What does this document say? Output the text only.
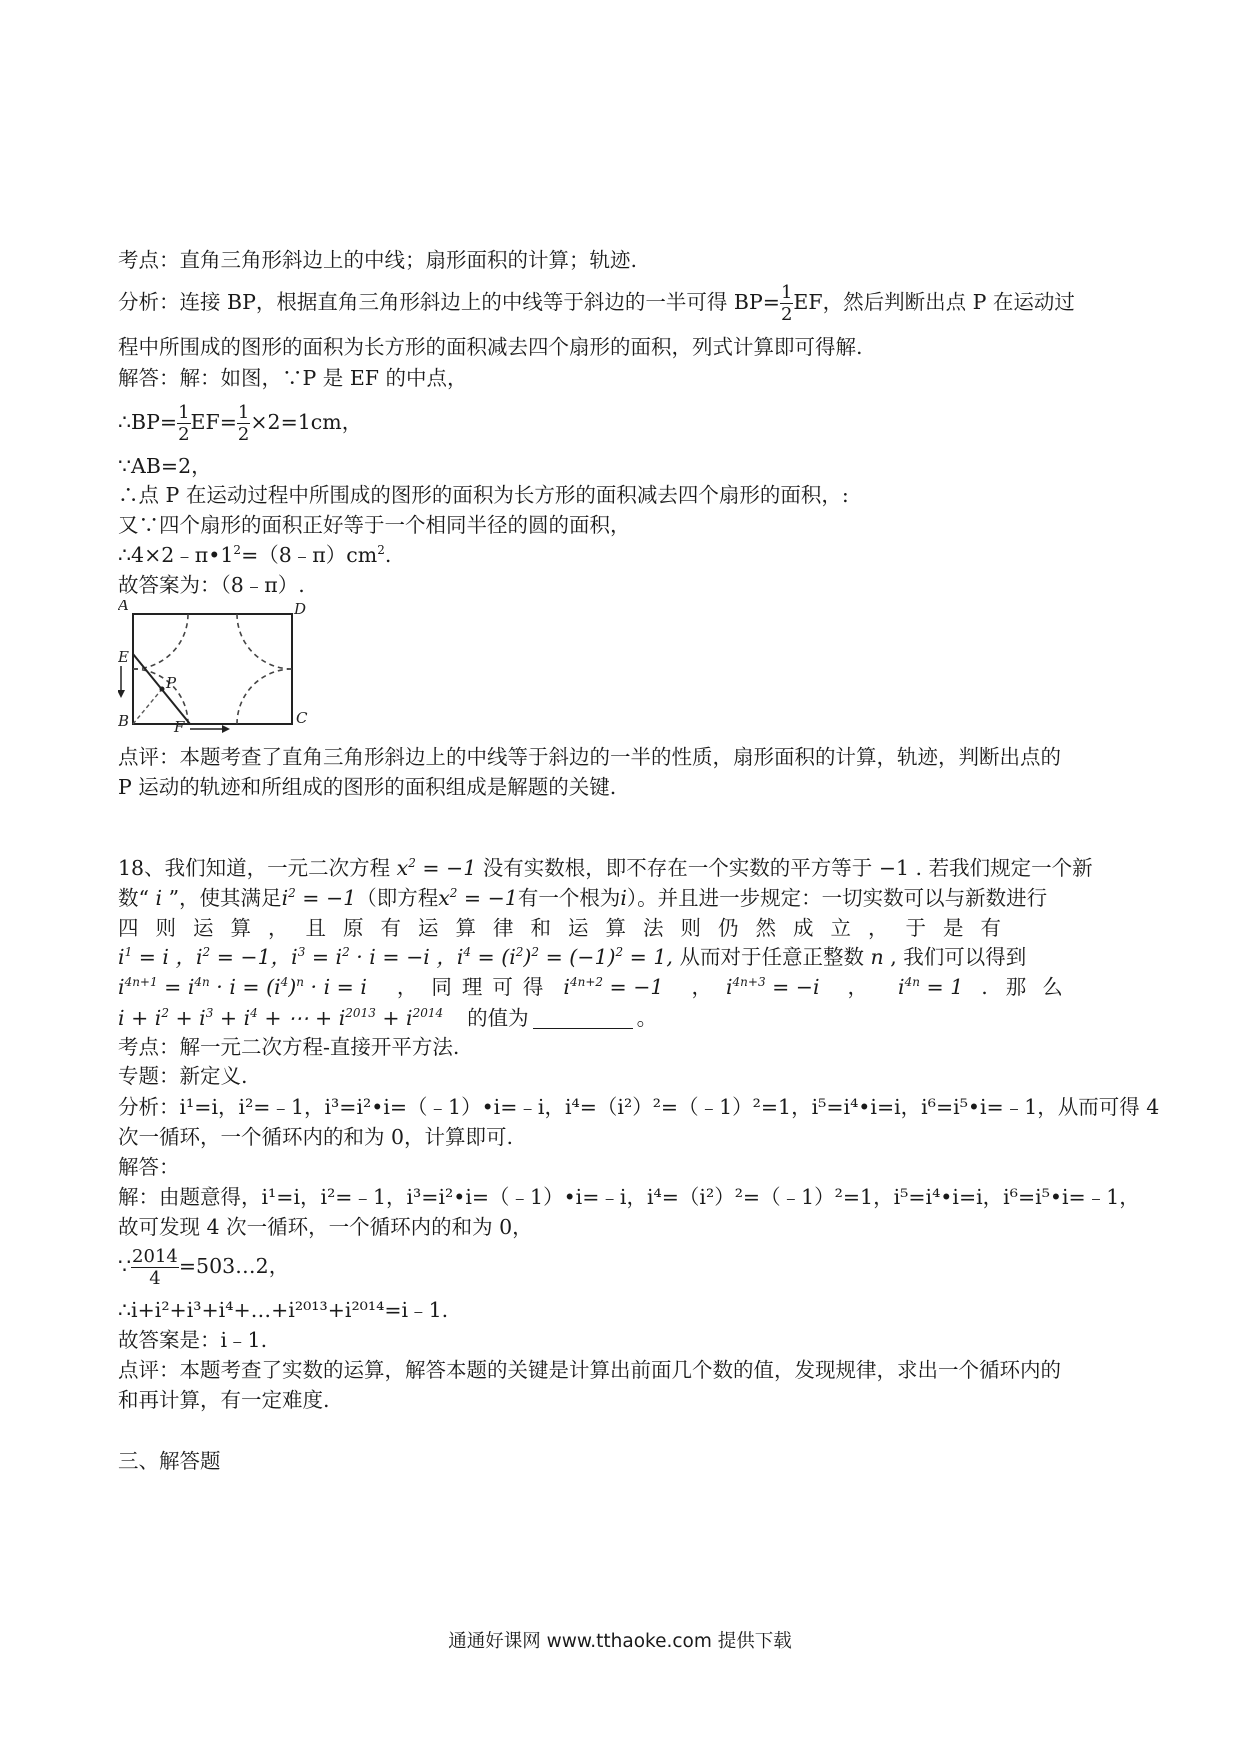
考点：直角三角形斜边上的中线；扇形面积的计算；轨迹.
分析：连接 BP，根据直角三角形斜边上的中线等于斜边的一半可得 $BP= \frac{1}{2}$ EF，然后判断出点 P 在运动过
程中所围成的图形的面积为长方形的面积减去四个扇形的面积，列式计算即可得解.
解答：解：如图，∵P 是 EF 的中点，
∴BP= $\frac{1}{2} EF= \frac{1}{2} \times 2=1cm$，
∵AB=2，
∴点 P 在运动过程中所围成的图形的面积为长方形的面积减去四个扇形的面积，:
又∵四个扇形的面积正好等于一个相同半径的圆的面积，
$\therefore 4\times 2﹣\pi•1^2=(8﹣\pi)cm^2$.
故答案为：（8﹣π）.
A	D
E
P
B	F	C
点评：本题考查了直角三角形斜边上的中线等于斜边的一半的性质，扇形面积的计算，轨迹，判断出点的
P 运动的轨迹和所组成的图形的面积组成是解题的关键.
18、我们知道，一元二次方程 $x^2 = -1$ 没有实数根，即不存在一个实数的平方等于 −1 . 若我们规定一个新
数“ i ”，使其满足$i^2 = -1$（即方程$x^2 = -1$有一个根为i）。并且进一步规定：一切实数可以与新数进行
四则运算，且原有运算律和运算法则仍然成立，于是有
$i^1 = i$ ，$i^2 = -1$，$i^3 = i^2 \cdot i = -i$ ，$i^4 = (i^2)^2 = (-1)^2 = 1$, 从而对于任意正整数 n , 我们可以得到
$i^{4n+1} = i^{4n} \cdot i = (i^4)^n \cdot i = i$ ， 同理可得 $i^{4n+2} = -1$ ， $i^{4n+3} = -i$ ， $i^{4n} = 1$ . 那么
$i + i^2 + i^3 + i^4$ + ⋯ + $i^{2013} + i^{2014}$ 的值为	。
考点：解一元二次方程-直接开平方法.
专题：新定义.
分析：i¹=i，i²=﹣1，i³=i²•i=（﹣1）•i=﹣i，i⁴=（i²）²=（﹣1）²=1，i⁵=i⁴•i=i，i⁶=i⁵•i=﹣1，从而可得 4
次一循环，一个循环内的和为 0，计算即可.
解答：
解：由题意得，i¹=i，i²=﹣1，i³=i²•i=（﹣1）•i=﹣i，i⁴=（i²）²=（﹣1）²=1，i⁵=i⁴•i=i，i⁶=i⁵•i=﹣1，
故可发现 4 次一循环，一个循环内的和为 0，
∵ $\frac{2014}{4}$ =503…2，
∴i+i²+i³+i⁴+…+i²⁰¹³+i²⁰¹⁴=i﹣1.
故答案是：i﹣1.
点评：本题考查了实数的运算，解答本题的关键是计算出前面几个数的值，发现规律，求出一个循环内的
和再计算，有一定难度.
三、解答题
通通好课网 www.tthaoke.com 提供下载
